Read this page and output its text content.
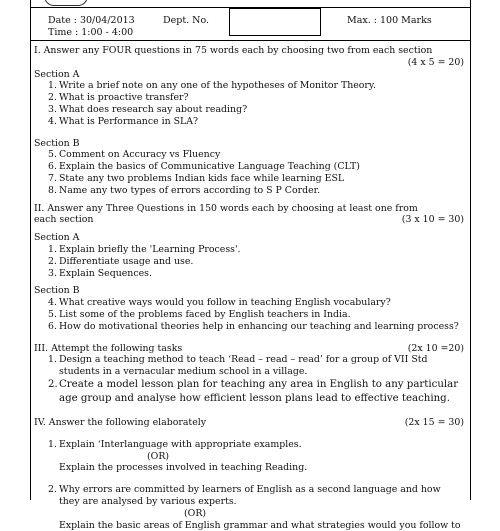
Date : 30/04/2013
Time : 1:00 - 4:00
Dept. No.	Max. : 100 Marks
I. Answer any FOUR questions in 75 words each by choosing two from each section
(4 x 5 = 20)
Section A
1. Write a brief note on any one of the hypotheses of Monitor Theory.
2. What is proactive transfer?
3. What does research say about reading?
4. What is Performance in SLA?
Section B
5. Comment on Accuracy vs Fluency
6. Explain the basics of Communicative Language Teaching (CLT)
7. State any two problems Indian kids face while learning ESL
8. Name any two types of errors according to S P Corder.
II. Answer any Three Questions in 150 words each by choosing at least one from
each section	(3 x 10 = 30)
Section A
1. Explain briefly the 'Learning Process'.
2. Differentiate usage and use.
3. Explain Sequences.
Section B
4. What creative ways would you follow in teaching English vocabulary?
5. List some of the problems faced by English teachers in India.
6. How do motivational theories help in enhancing our teaching and learning process?
III. Attempt the following tasks	(2x 10 =20)
1. Design a teaching method to teach ‘Read – read – read’ for a group of VII Std students in a vernacular medium school in a village.
2. Create a model lesson plan for teaching any area in English to any particular age group and analyse how efficient lesson plans lead to effective teaching.
IV. Answer the following elaborately	(2x 15 = 30)
1. Explain ‘Interlanguage with appropriate examples.
(OR)
Explain the processes involved in teaching Reading.
2. Why errors are committed by learners of English as a second language and how they are analysed by various experts.
(OR)
Explain the basic areas of English grammar and what strategies would you follow to
